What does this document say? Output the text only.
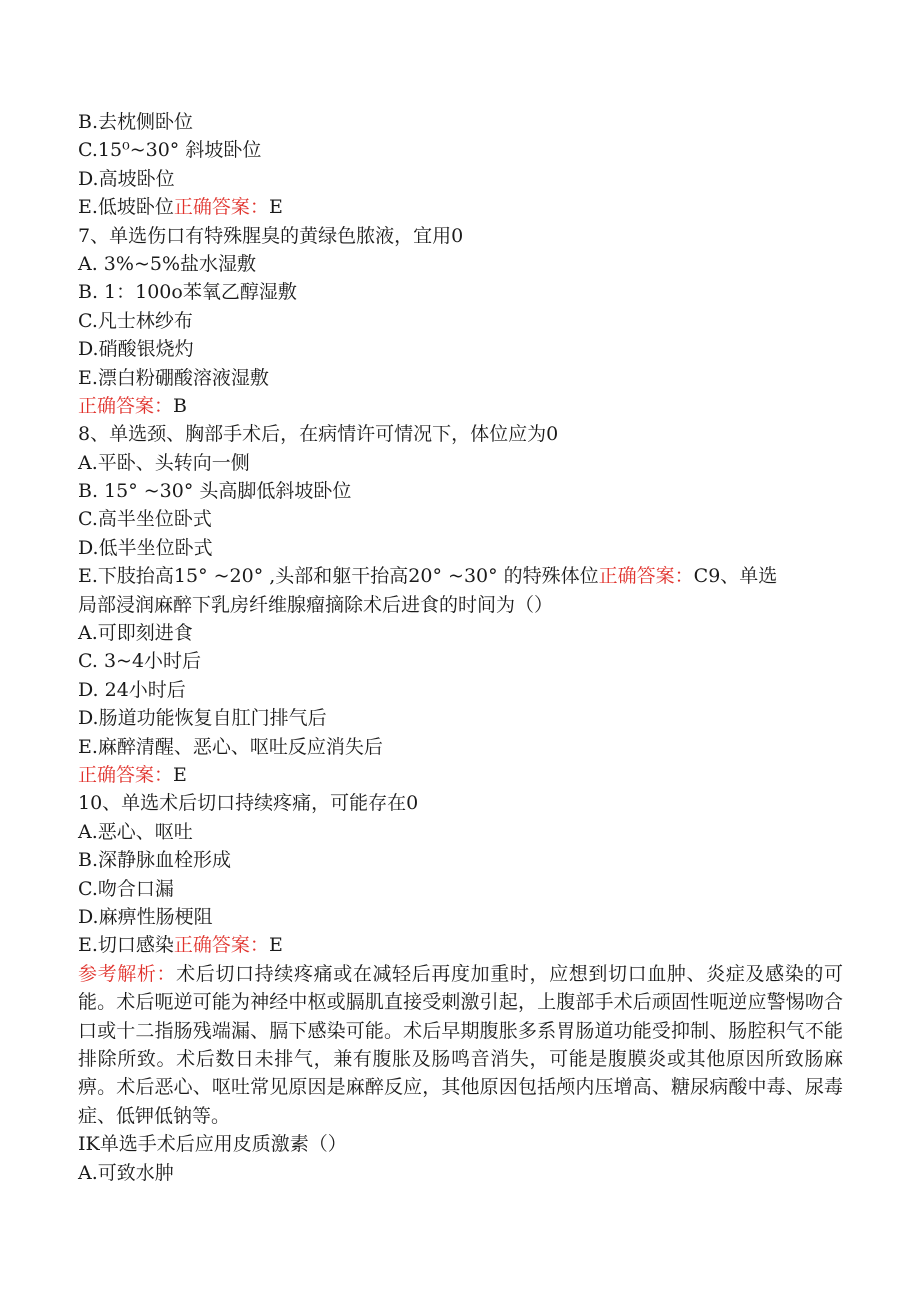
B.去枕侧卧位
C.15⁰~30° 斜坡卧位
D.高坡卧位
E.低坡卧位正确答案：E
7、单选伤口有特殊腥臭的黄绿色脓液，宜用0
A. 3%~5%盐水湿敷
B. 1：100o苯氧乙醇湿敷
C.凡士林纱布
D.硝酸银烧灼
E.漂白粉硼酸溶液湿敷
正确答案：B
8、单选颈、胸部手术后，在病情许可情况下，体位应为0
A.平卧、头转向一侧
B. 15° ~30° 头高脚低斜坡卧位
C.高半坐位卧式
D.低半坐位卧式
E.下肢抬高15° ~20° ,头部和躯干抬高20° ~30° 的特殊体位正确答案：C9、单选
局部浸润麻醉下乳房纤维腺瘤摘除术后进食的时间为（）
A.可即刻进食
C. 3~4小时后
D. 24小时后
D.肠道功能恢复自肛门排气后
E.麻醉清醒、恶心、呕吐反应消失后
正确答案：E
10、单选术后切口持续疼痛，可能存在0
A.恶心、呕吐
B.深静脉血栓形成
C.吻合口漏
D.麻痹性肠梗阻
E.切口感染正确答案：E
参考解析：术后切口持续疼痛或在减轻后再度加重时，应想到切口血肿、炎症及感染的可能。术后呃逆可能为神经中枢或膈肌直接受刺激引起，上腹部手术后顽固性呃逆应警惕吻合口或十二指肠残端漏、膈下感染可能。术后早期腹胀多系胃肠道功能受抑制、肠腔积气不能排除所致。术后数日未排气，兼有腹胀及肠鸣音消失，可能是腹膜炎或其他原因所致肠麻痹。术后恶心、呕吐常见原因是麻醉反应，其他原因包括颅内压增高、糖尿病酸中毒、尿毒症、低钾低钠等。
IK单选手术后应用皮质激素（）
A.可致水肿
